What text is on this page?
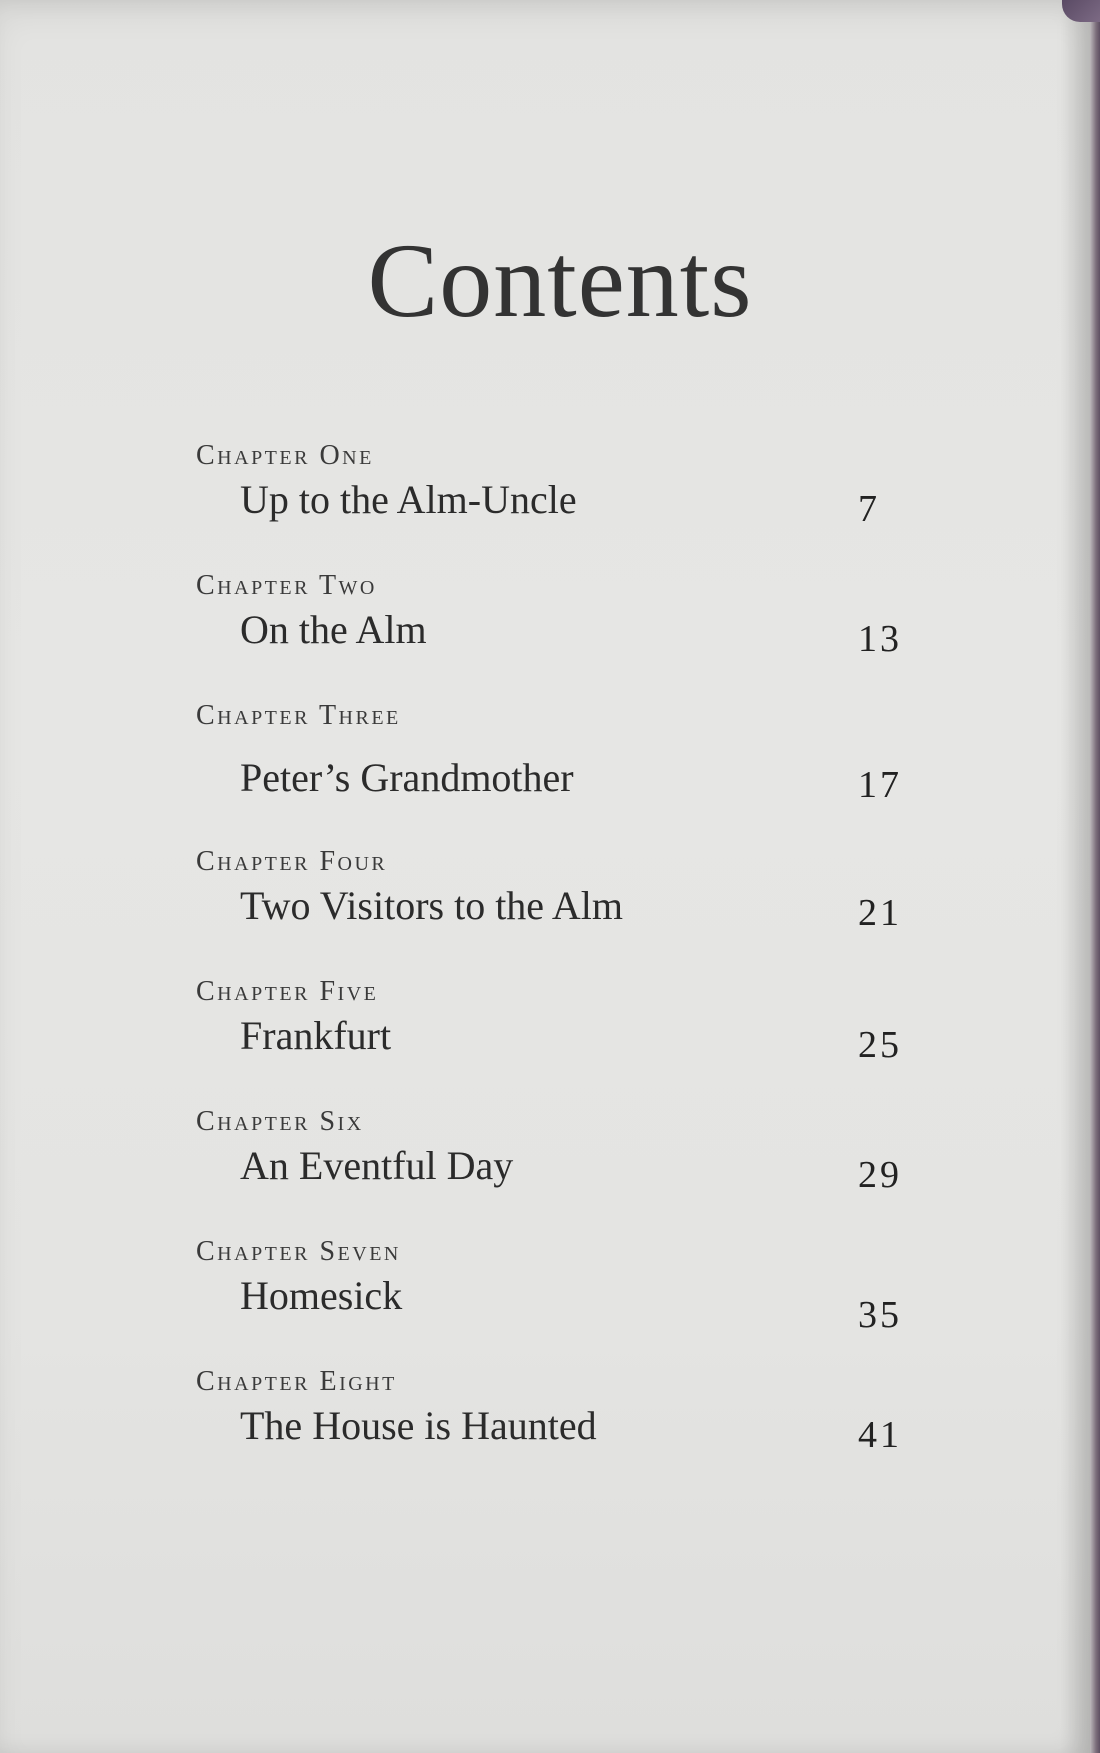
Contents
Chapter One
Up to the Alm-Uncle	7
Chapter Two
On the Alm	13
Chapter Three
Peter’s Grandmother	17
Chapter Four
Two Visitors to the Alm	21
Chapter Five
Frankfurt	25
Chapter Six
An Eventful Day	29
Chapter Seven
Homesick	35
Chapter Eight
The House is Haunted	41
